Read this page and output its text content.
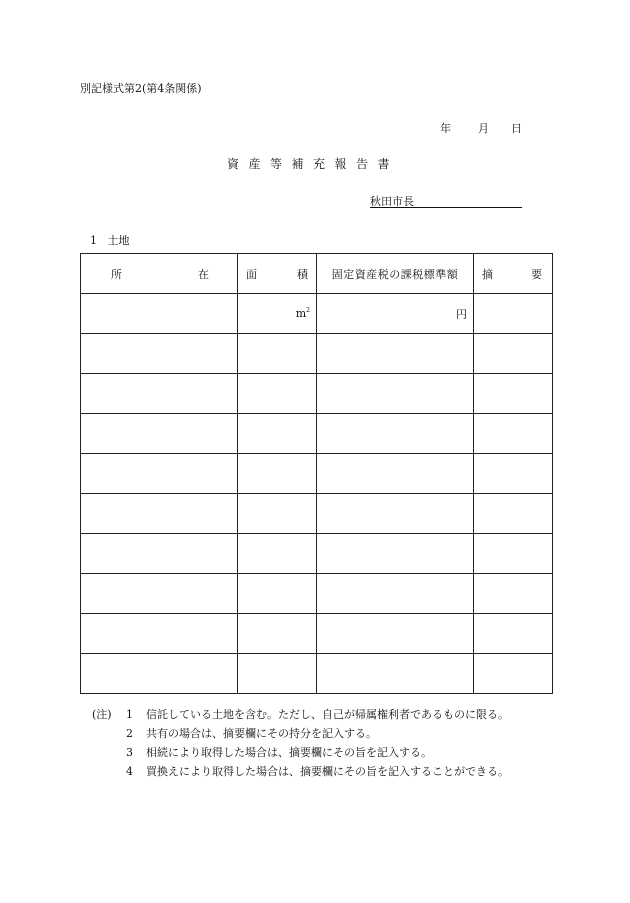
別記様式第2(第4条関係)
年 月 日
資産等補充報告書
秋田市長
1 土地
所 在	面 積	固定資産税の課税標準額	摘 要

	$m^2$	円	

(注)	1	信託している土地を含む。ただし、自己が帰属権利者であるものに限る。
2	共有の場合は、摘要欄にその持分を記入する。
3	相続により取得した場合は、摘要欄にその旨を記入する。
4	買換えにより取得した場合は、摘要欄にその旨を記入することができる。
